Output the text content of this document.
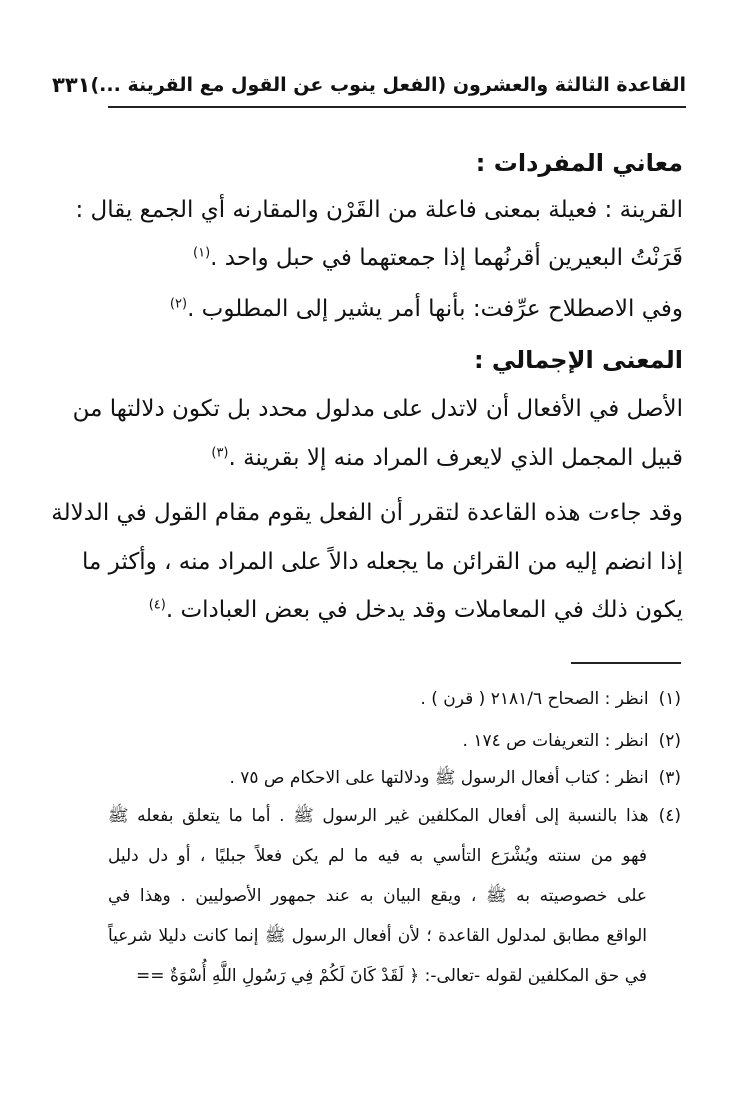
القاعدة الثالثة والعشرون (الفعل ينوب عن القول مع القرينة ...)
٣٣١
معاني المفردات :
القرينة : فعيلة بمعنى فاعلة من القَرْن والمقارنه أي الجمع يقال :
قَرَنْتُ البعيرين أقرنُهما إذا جمعتهما في حبل واحد .$^{(١)}$
وفي الاصطلاح عرِّفت: بأنها أمر يشير إلى المطلوب .$^{(٢)}$
المعنى الإجمالي :
الأصل في الأفعال أن لاتدل على مدلول محدد بل تكون دلالتها من
قبيل المجمل الذي لايعرف المراد منه إلا بقرينة .$^{(٣)}$
وقد جاءت هذه القاعدة لتقرر أن الفعل يقوم مقام القول في الدلالة
إذا انضم إليه من القرائن ما يجعله دالاً على المراد منه ، وأكثر ما
يكون ذلك في المعاملات وقد يدخل في بعض العبادات .$^{(٤)}$
(١)انظر : الصحاح ٢١٨١/٦ ( قرن ) .
(٢)انظر : التعريفات ص ١٧٤ .
(٣)انظر : كتاب أفعال الرسول ﷺ ودلالتها على الاحكام ص ٧٥ .
(٤)هذا بالنسبة إلى أفعال المكلفين غير الرسول ﷺ . أما ما يتعلق بفعله ﷺ
فهو من سنته ويُشْرَع التأسي به فيه ما لم يكن فعلاً جبليًا ، أو دل دليل
على خصوصيته به ﷺ ، ويقع البيان به عند جمهور الأصوليين . وهذا في
الواقع مطابق لمدلول القاعدة ؛ لأن أفعال الرسول ﷺ إنما كانت دليلا شرعياً
في حق المكلفين لقوله -تعالى-: ﴿ لَقَدْ كَانَ لَكُمْ فِي رَسُولِ اللَّهِ أُسْوَةٌ ==
